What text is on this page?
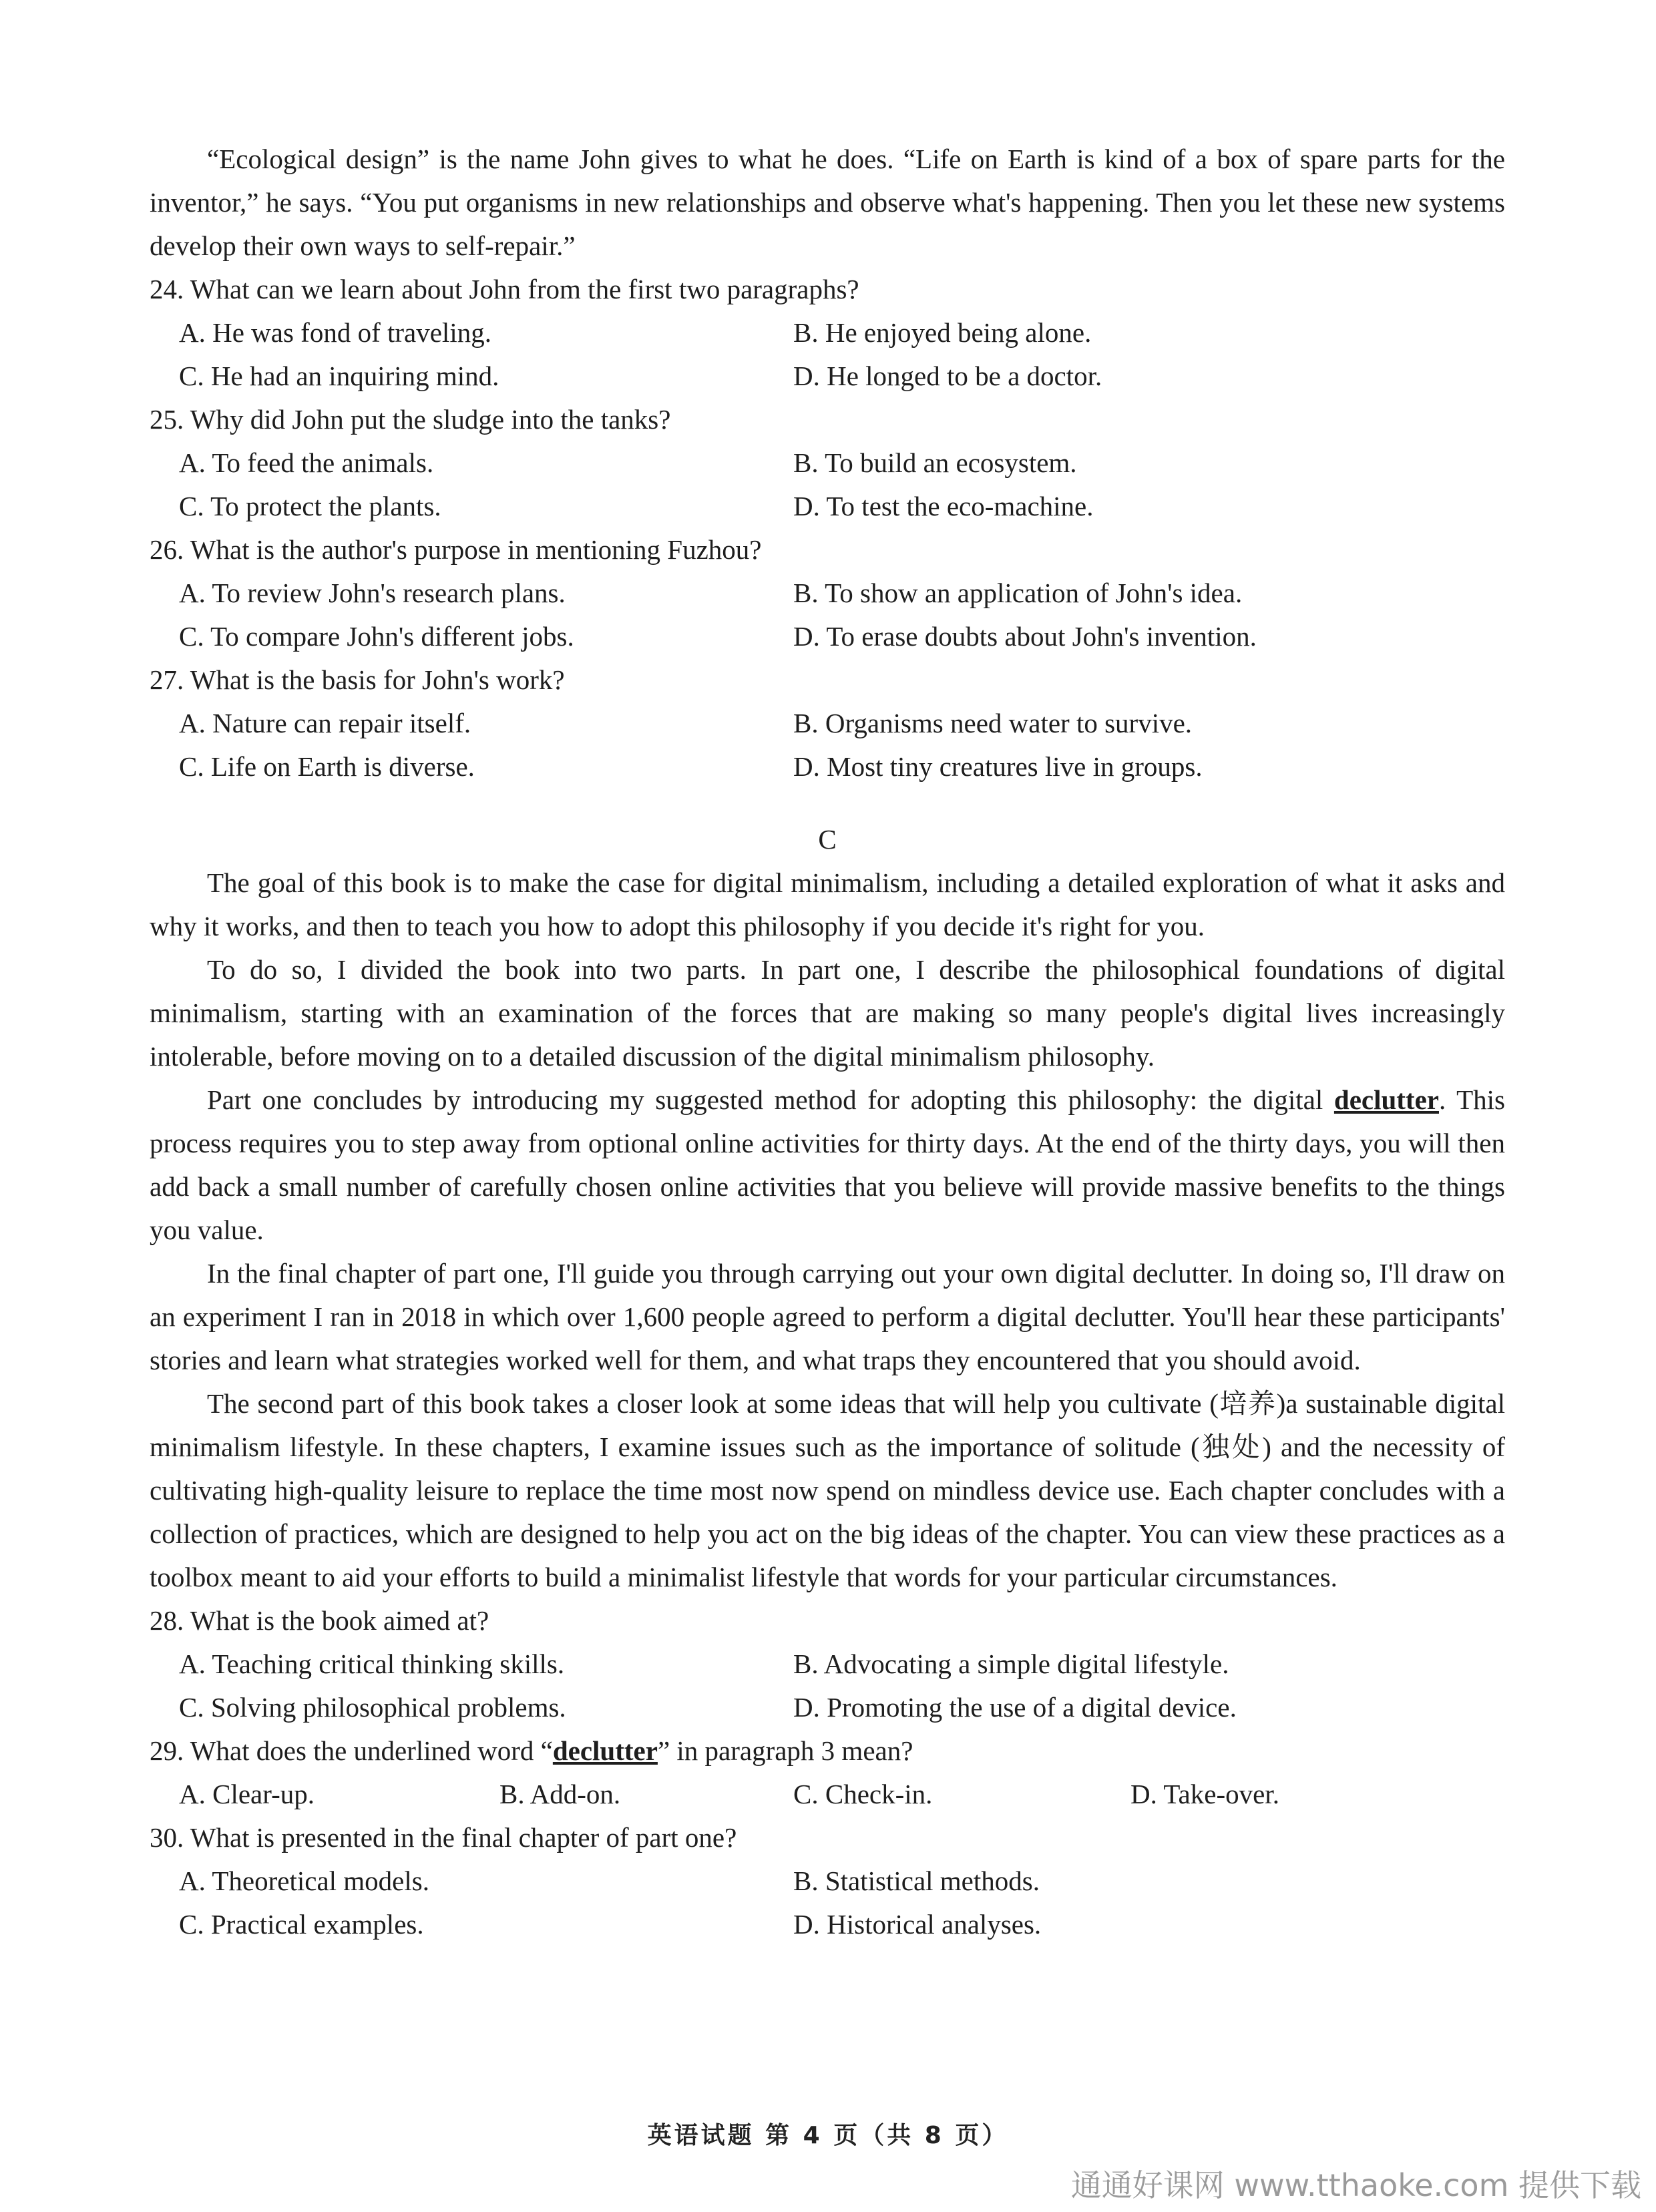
“Ecological design” is the name John gives to what he does. “Life on Earth is kind of a box of spare parts for the inventor,” he says. “You put organisms in new relationships and observe what's happening. Then you let these new systems develop their own ways to self-repair.”

24. What can we learn about John from the first two paragraphs?

A. He was fond of traveling.	B. He enjoyed being alone.
C. He had an inquiring mind.	D. He longed to be a doctor.

25. Why did John put the sludge into the tanks?

A. To feed the animals.	B. To build an ecosystem.
C. To protect the plants.	D. To test the eco-machine.

26. What is the author's purpose in mentioning Fuzhou?

A. To review John's research plans.	B. To show an application of John's idea.
C. To compare John's different jobs.	D. To erase doubts about John's invention.

27. What is the basis for John's work?

A. Nature can repair itself.	B. Organisms need water to survive.
C. Life on Earth is diverse.	D. Most tiny creatures live in groups.

C

The goal of this book is to make the case for digital minimalism, including a detailed exploration of what it asks and why it works, and then to teach you how to adopt this philosophy if you decide it's right for you.

To do so, I divided the book into two parts. In part one, I describe the philosophical foundations of digital minimalism, starting with an examination of the forces that are making so many people's digital lives increasingly intolerable, before moving on to a detailed discussion of the digital minimalism philosophy.

Part one concludes by introducing my suggested method for adopting this philosophy: the digital declutter. This process requires you to step away from optional online activities for thirty days. At the end of the thirty days, you will then add back a small number of carefully chosen online activities that you believe will provide massive benefits to the things you value.

In the final chapter of part one, I'll guide you through carrying out your own digital declutter. In doing so, I'll draw on an experiment I ran in 2018 in which over 1,600 people agreed to perform a digital declutter. You'll hear these participants' stories and learn what strategies worked well for them, and what traps they encountered that you should avoid.

The second part of this book takes a closer look at some ideas that will help you cultivate (培养)a sustainable digital minimalism lifestyle. In these chapters, I examine issues such as the importance of solitude (独处) and the necessity of cultivating high-quality leisure to replace the time most now spend on mindless device use. Each chapter concludes with a collection of practices, which are designed to help you act on the big ideas of the chapter. You can view these practices as a toolbox meant to aid your efforts to build a minimalist lifestyle that words for your particular circumstances.

28. What is the book aimed at?

A. Teaching critical thinking skills.	B. Advocating a simple digital lifestyle.
C. Solving philosophical problems.	D. Promoting the use of a digital device.

29. What does the underlined word “declutter” in paragraph 3 mean?

A. Clear-up.	B. Add-on.	C. Check-in.	D. Take-over.

30. What is presented in the final chapter of part one?

A. Theoretical models.	B. Statistical methods.
C. Practical examples.	D. Historical analyses.
英语试题 第 4 页（共 8 页）
通通好课网 www.tthaoke.com 提供下载
